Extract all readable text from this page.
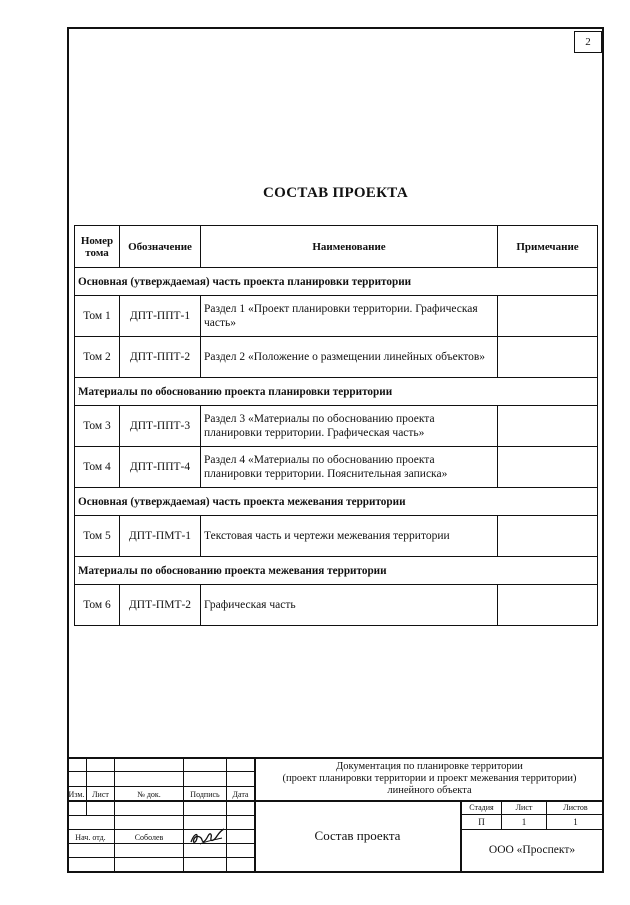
2
СОСТАВ ПРОЕКТА
Номер тома	Обозначение	Наименование	Примечание
Основная (утверждаемая) часть проекта планировки территории			
Том 1	ДПТ-ППТ-1	Раздел 1 «Проект планировки территории. Графическая часть»	
Том 2	ДПТ-ППТ-2	Раздел 2 «Положение о размещении линейных объектов»	
Материалы по обоснованию проекта планировки территории			
Том 3	ДПТ-ППТ-3	Раздел 3 «Материалы по обоснованию проекта планировки территории. Графическая часть»	
Том 4	ДПТ-ППТ-4	Раздел 4 «Материалы по обоснованию проекта планировки территории. Пояснительная записка»	
Основная (утверждаемая) часть проекта межевания территории			
Том 5	ДПТ-ПМТ-1	Текстовая часть и чертежи межевания территории	
Материалы по обоснованию проекта межевания территории			
Том 6	ДПТ-ПМТ-2	Графическая часть	
Документация по планировке территории
(проект планировки территории и проект межевания территории)
линейного объекта
Изм. Лист	№ док.	Подпись	Дата
Стадия	Лист	Листов
П	1	1
Нач. отд.	Соболев	Состав проекта
ООО «Проспект»
